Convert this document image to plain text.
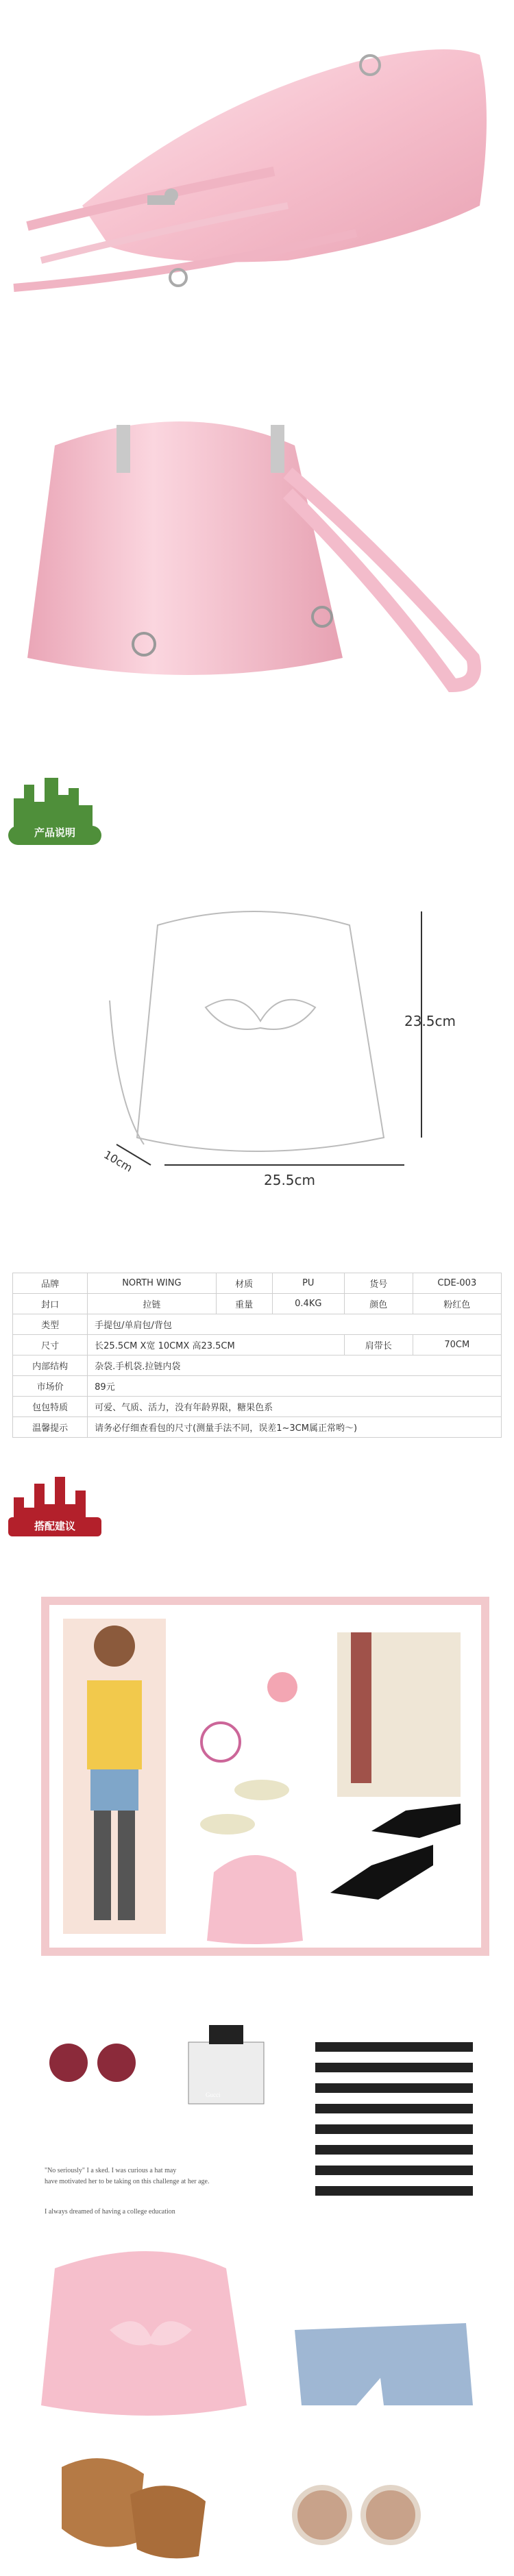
产品说明
23.5cm
25.5cm
10cm
品牌	NORTH WING	材质	PU	货号	CDE-003
封口	拉链	重量	0.4KG	颜色	粉红色
类型	手提包/单肩包/背包				
尺寸	长25.5CM X宽 10CMX 高23.5CM			肩带长	70CM
内部结构	杂袋.手机袋.拉链内袋				
市场价	89元				
包包特质	可爱、气质、活力，没有年龄界限，糖果色系				
温馨提示	请务必仔细查看包的尺寸(测量手法不同，误差1~3CM属正常哟～)				
搭配建议
Gucci
"No seriously" I a sked. I was curious a hat may
have motivated her to be taking on this challenge at her age.
I always dreamed of having a college education
